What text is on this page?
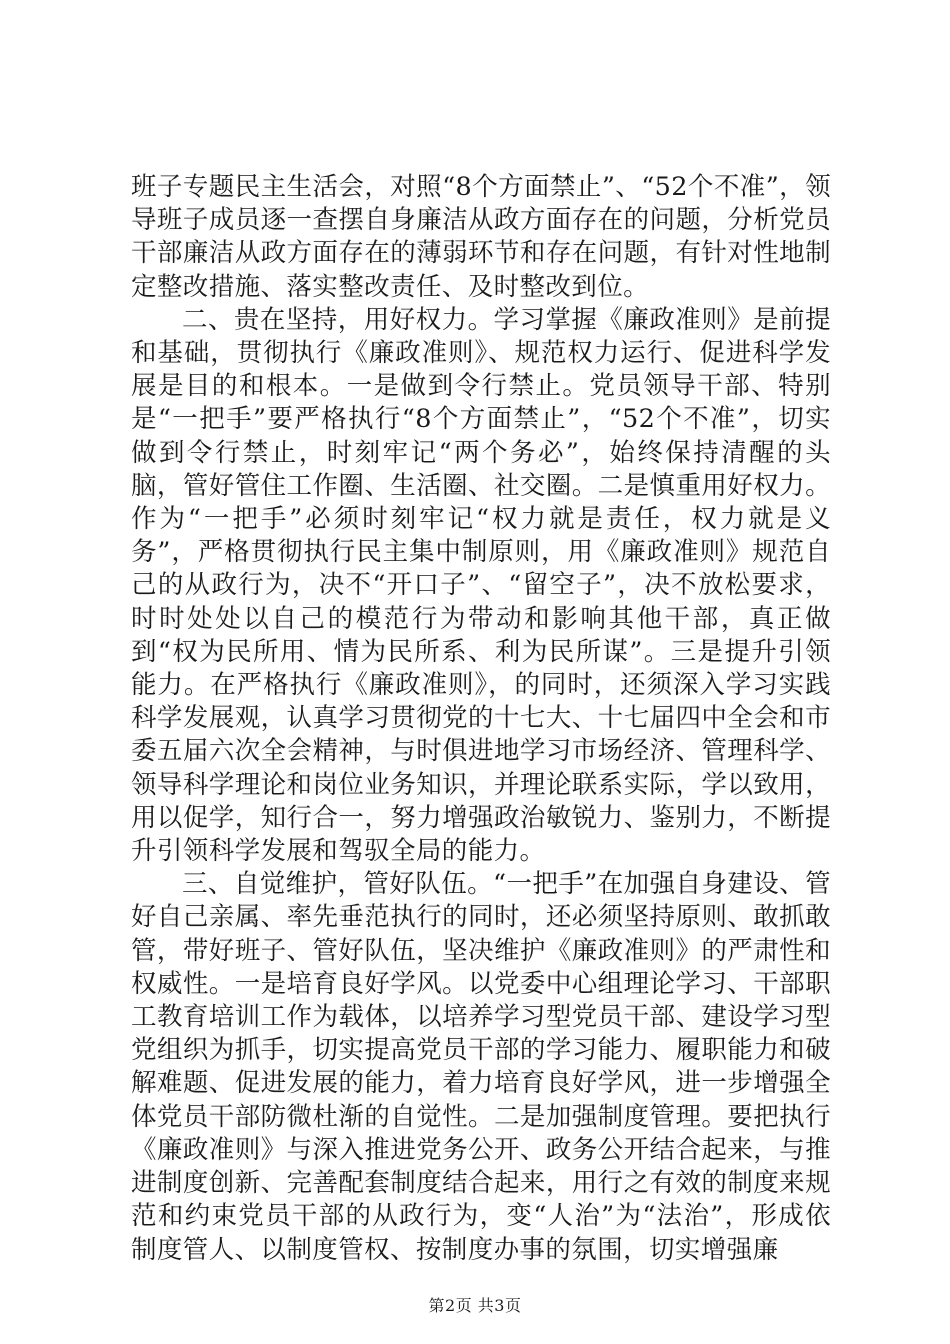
班子专题民主生活会，对照“8个方面禁止”、“52个不准”，领导班子成员逐一查摆自身廉洁从政方面存在的问题，分析党员干部廉洁从政方面存在的薄弱环节和存在问题，有针对性地制定整改措施、落实整改责任、及时整改到位。

二、贵在坚持，用好权力。学习掌握《廉政准则》是前提和基础，贯彻执行《廉政准则》、规范权力运行、促进科学发展是目的和根本。一是做到令行禁止。党员领导干部、特别是“一把手”要严格执行“8个方面禁止”，“52个不准”，切实做到令行禁止，时刻牢记“两个务必”，始终保持清醒的头脑，管好管住工作圈、生活圈、社交圈。二是慎重用好权力。作为“一把手”必须时刻牢记“权力就是责任，权力就是义务”，严格贯彻执行民主集中制原则，用《廉政准则》规范自己的从政行为，决不“开口子”、“留空子”，决不放松要求，时时处处以自己的模范行为带动和影响其他干部，真正做到“权为民所用、情为民所系、利为民所谋”。三是提升引领能力。在严格执行《廉政准则》，的同时，还须深入学习实践科学发展观，认真学习贯彻党的十七大、十七届四中全会和市委五届六次全会精神，与时俱进地学习市场经济、管理科学、领导科学理论和岗位业务知识，并理论联系实际，学以致用，用以促学，知行合一，努力增强政治敏锐力、鉴别力，不断提升引领科学发展和驾驭全局的能力。

三、自觉维护，管好队伍。“一把手”在加强自身建设、管好自己亲属、率先垂范执行的同时，还必须坚持原则、敢抓敢管，带好班子、管好队伍，坚决维护《廉政准则》的严肃性和权威性。一是培育良好学风。以党委中心组理论学习、干部职工教育培训工作为载体，以培养学习型党员干部、建设学习型党组织为抓手，切实提高党员干部的学习能力、履职能力和破解难题、促进发展的能力，着力培育良好学风，进一步增强全体党员干部防微杜渐的自觉性。二是加强制度管理。要把执行《廉政准则》与深入推进党务公开、政务公开结合起来，与推进制度创新、完善配套制度结合起来，用行之有效的制度来规范和约束党员干部的从政行为，变“人治”为“法治”，形成依制度管人、以制度管权、按制度办事的氛围，切实增强廉

第2页 共3页
